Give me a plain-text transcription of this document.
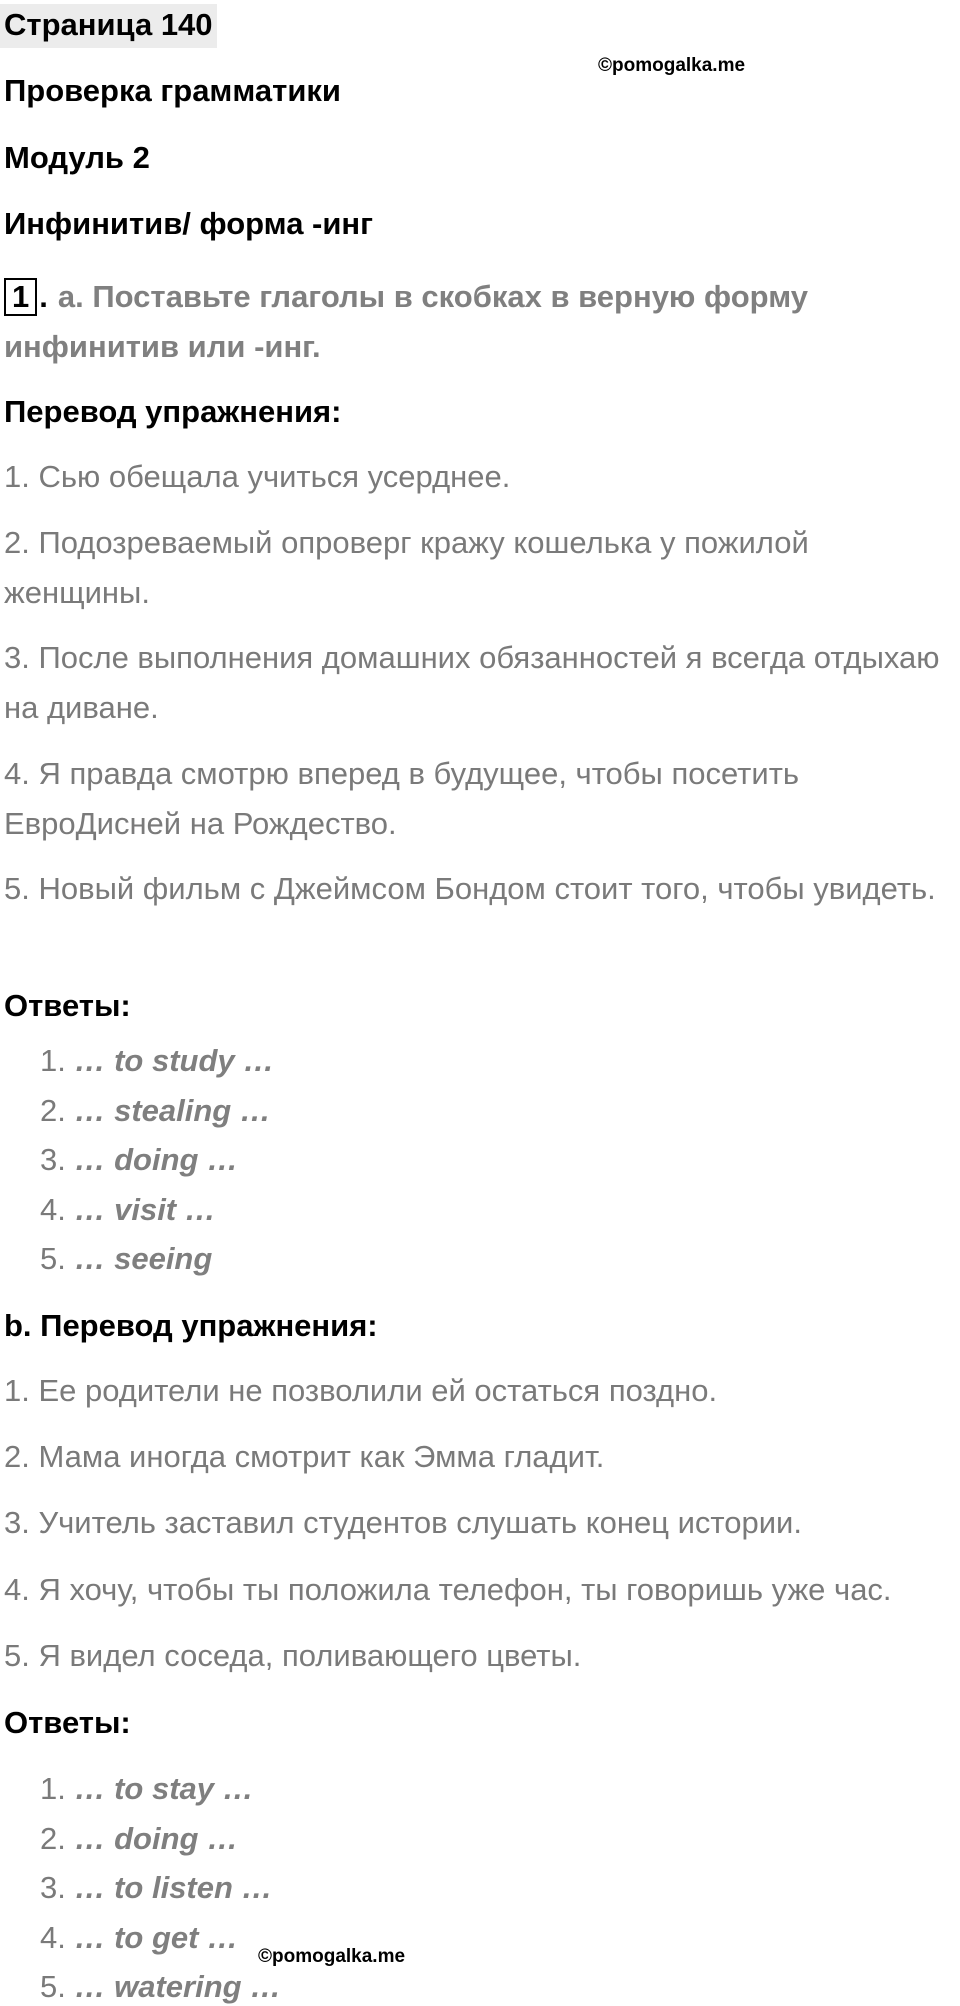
Страница 140
©pomogalka.me
Проверка грамматики
Модуль 2
Инфинитив/ форма -инг
1 . a. Поставьте глаголы в скобках в верную форму инфинитив или -инг.
Перевод упражнения:
1. Сью обещала учиться усерднее.
2. Подозреваемый опроверг кражу кошелька у пожилой женщины.
3. После выполнения домашних обязанностей я всегда отдыхаю на диване.
4. Я правда смотрю вперед в будущее, чтобы посетить ЕвроДисней на Рождество.
5. Новый фильм с Джеймсом Бондом стоит того, чтобы увидеть.
Ответы:
1. … to study …
2. … stealing …
3. … doing …
4. … visit …
5. … seeing
b. Перевод упражнения:
1. Ее родители не позволили ей остаться поздно.
2. Мама иногда смотрит как Эмма гладит.
3. Учитель заставил студентов слушать конец истории.
4. Я хочу, чтобы ты положила телефон, ты говоришь уже час.
5. Я видел соседа, поливающего цветы.
Ответы:
1. … to stay …
2. … doing …
3. … to listen …
4. … to get …
5. … watering …
©pomogalka.me
